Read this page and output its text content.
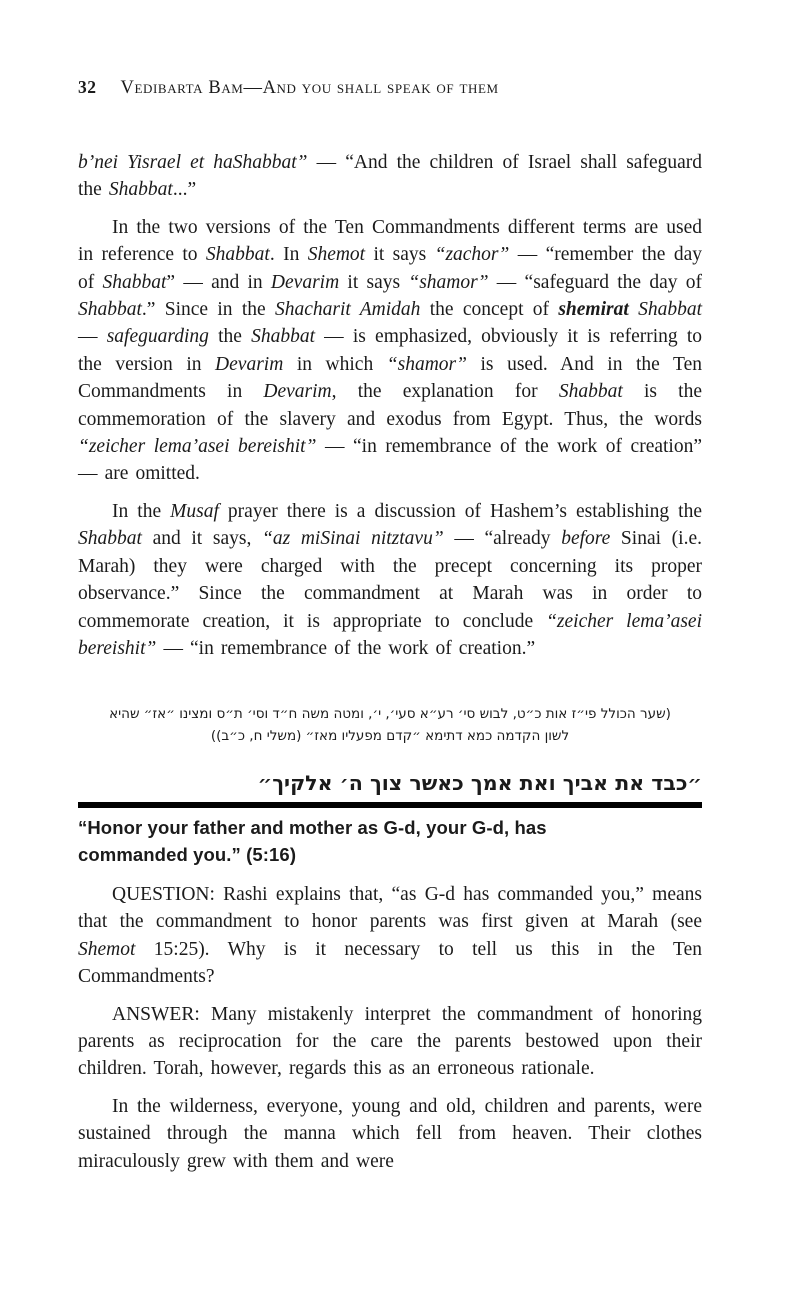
32 Vedibarta Bam—And you shall speak of them

b’nei Yisrael et haShabbat” — “And the children of Israel shall safeguard the Shabbat...”

In the two versions of the Ten Commandments different terms are used in reference to Shabbat. In Shemot it says “zachor” — “remember the day of Shabbat” — and in Devarim it says “shamor” — “safeguard the day of Shabbat.” Since in the Shacharit Amidah the concept of shemirat Shabbat — safeguarding the Shabbat — is emphasized, obviously it is referring to the version in Devarim in which “shamor” is used. And in the Ten Commandments in Devarim, the explanation for Shabbat is the commemoration of the slavery and exodus from Egypt. Thus, the words “zeicher lema’asei bereishit” — “in remembrance of the work of creation” — are omitted.

In the Musaf prayer there is a discussion of Hashem’s establishing the Shabbat and it says, “az miSinai nitztavu” — “already before Sinai (i.e. Marah) they were charged with the precept concerning its proper observance.” Since the commandment at Marah was in order to commemorate creation, it is appropriate to conclude “zeicher lema’asei bereishit” — “in remembrance of the work of creation.”

(שער הכולל פי״ז אות כ״ט, לבוש סי׳ רע״א סעי׳, י׳, ומטה משה ח״ד וסי׳ ת״ס ומצינו ״אז״ שהיא
לשון הקדמה כמא דתימא ״קדם מפעליו מאז״ (משלי ח, כ״ב))
״כבד את אביך ואת אמך כאשר צוך ה׳ אלקיך״
“Honor your father and mother as G-d, your G-d, has
commanded you.” (5:16)

QUESTION: Rashi explains that, “as G-d has commanded you,” means that the commandment to honor parents was first given at Marah (see Shemot 15:25). Why is it necessary to tell us this in the Ten Commandments?

ANSWER: Many mistakenly interpret the commandment of honoring parents as reciprocation for the care the parents bestowed upon their children. Torah, however, regards this as an erroneous rationale.

In the wilderness, everyone, young and old, children and parents, were sustained through the manna which fell from heaven. Their clothes miraculously grew with them and were
